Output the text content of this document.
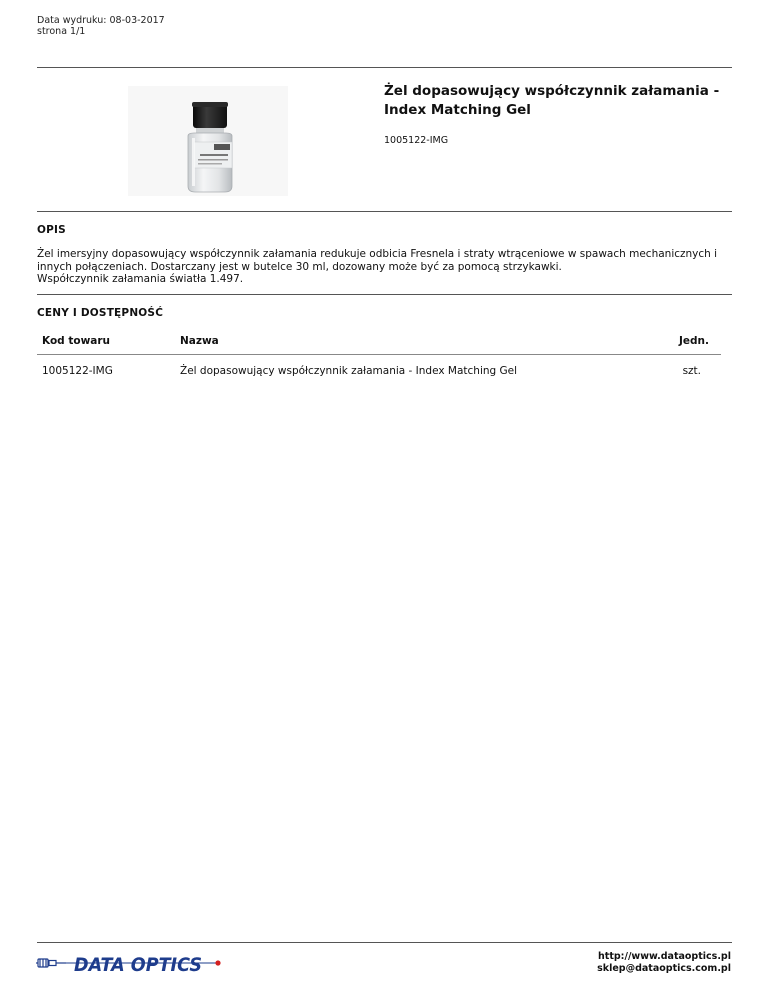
Data wydruku: 08-03-2017
strona 1/1
Żel dopasowujący współczynnik załamania - Index Matching Gel
1005122-IMG
OPIS

Żel imersyjny dopasowujący współczynnik załamania redukuje odbicia Fresnela i straty wtrąceniowe w spawach mechanicznych i

innych połączeniach. Dostarczany jest w butelce 30 ml, dozowany może być za pomocą strzykawki.

Współczynnik załamania światła 1.497.

CENY I DOSTĘPNOŚĆ
Kod towaru	Nazwa	Jedn.
1005122-IMG	Żel dopasowujący współczynnik załamania - Index Matching Gel	szt.
DATA OPTICS	http://www.dataoptics.pl
sklep@dataoptics.com.pl
